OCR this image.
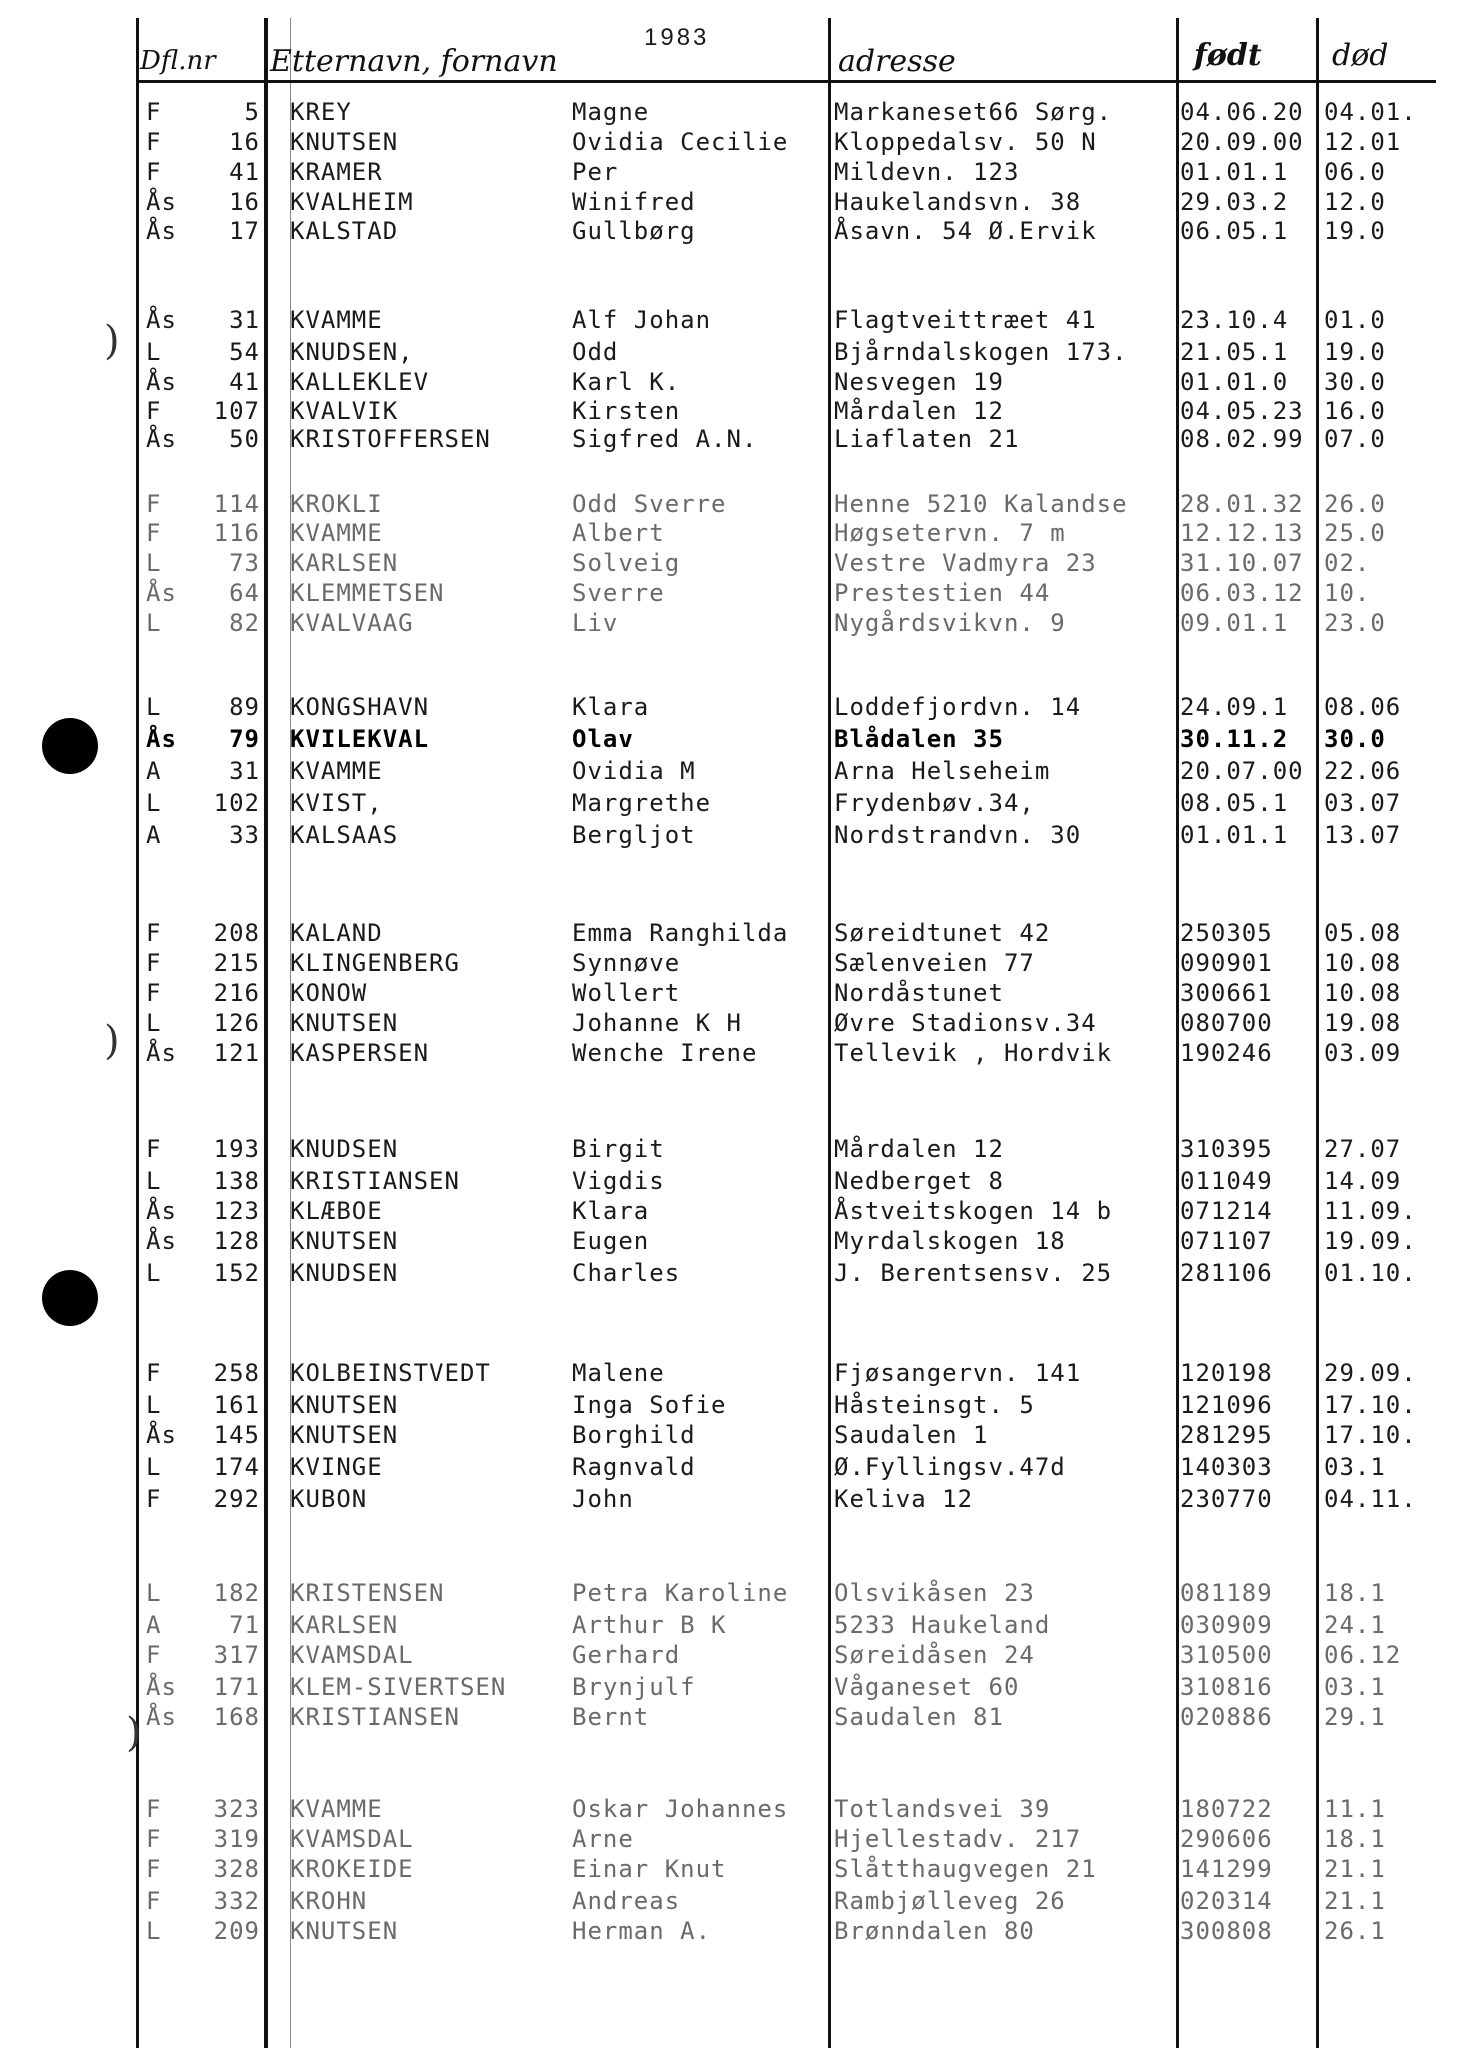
)
)
)
1983
Dfl.nr Etternavn, fornavn	adresse	født død
F	5 KREY	Magne	Markaneset66 Sørg.	04.06.20 04.01.
F	16 KNUTSEN	Ovidia Cecilie	Kloppedalsv. 50 N	20.09.00 12.01
F	41 KRAMER	Per	Mildevn. 123	01.01.1	06.0
Ås	16 KVALHEIM	Winifred	Haukelandsvn. 38	29.03.2	12.0
Ås	17 KALSTAD	Gullbørg	Åsavn. 54 Ø.Ervik	06.05.1	19.0
Ås	31 KVAMME	Alf Johan	Flagtveittræet 41	23.10.4	01.0
L	54 KNUDSEN,	Odd	Bjårndalskogen 173.	21.05.1	19.0
Ås	41 KALLEKLEV	Karl K.	Nesvegen 19	01.01.0	30.0
F	107 KVALVIK	Kirsten	Mårdalen 12	04.05.23 16.0
Ås	50 KRISTOFFERSEN	Sigfred A.N.	Liaflaten 21	08.02.99 07.0
F	114 KROKLI	Odd Sverre	Henne 5210 Kalandse	28.01.32 26.0
F	116 KVAMME	Albert	Høgsetervn. 7 m	12.12.13 25.0
L	73 KARLSEN	Solveig	Vestre Vadmyra 23	31.10.07 02.
Ås	64 KLEMMETSEN	Sverre	Prestestien 44	06.03.12 10.
L	82 KVALVAAG	Liv	Nygårdsvikvn. 9	09.01.1	23.0
L	89 KONGSHAVN	Klara	Loddefjordvn. 14	24.09.1	08.06
Ås	79 KVILEKVAL	Olav	Blådalen 35	30.11.2	30.0
A	31 KVAMME	Ovidia M	Arna Helseheim	20.07.00 22.06
L	102 KVIST,	Margrethe	Frydenbøv.34,	08.05.1	03.07
A	33 KALSAAS	Bergljot	Nordstrandvn. 30	01.01.1	13.07
F	208 KALAND	Emma Ranghilda	Søreidtunet 42	250305	05.08
F	215 KLINGENBERG	Synnøve	Sælenveien 77	090901	10.08
F	216 KONOW	Wollert	Nordåstunet	300661	10.08
L	126 KNUTSEN	Johanne K H	Øvre Stadionsv.34	080700	19.08
Ås	121 KASPERSEN	Wenche Irene	Tellevik , Hordvik	190246	03.09
F	193 KNUDSEN	Birgit	Mårdalen 12	310395	27.07
L	138 KRISTIANSEN	Vigdis	Nedberget 8	011049	14.09
Ås	123 KLÆBOE	Klara	Åstveitskogen 14 b	071214	11.09.
Ås	128 KNUTSEN	Eugen	Myrdalskogen 18	071107	19.09.
L	152 KNUDSEN	Charles	J. Berentsensv. 25	281106	01.10.
F	258 KOLBEINSTVEDT	Malene	Fjøsangervn. 141	120198	29.09.
L	161 KNUTSEN	Inga Sofie	Håsteinsgt. 5	121096	17.10.
Ås	145 KNUTSEN	Borghild	Saudalen 1	281295	17.10.
L	174 KVINGE	Ragnvald	Ø.Fyllingsv.47d	140303	03.1
F	292 KUBON	John	Keliva 12	230770	04.11.
L	182 KRISTENSEN	Petra Karoline	Olsvikåsen 23	081189	18.1
A	71 KARLSEN	Arthur B K	5233 Haukeland	030909	24.1
F	317 KVAMSDAL	Gerhard	Søreidåsen 24	310500	06.12
Ås	171 KLEM-SIVERTSEN	Brynjulf	Våganeset 60	310816	03.1
Ås	168 KRISTIANSEN	Bernt	Saudalen 81	020886	29.1
F	323 KVAMME	Oskar Johannes	Totlandsvei 39	180722	11.1
F	319 KVAMSDAL	Arne	Hjellestadv. 217	290606	18.1
F	328 KROKEIDE	Einar Knut	Slåtthaugvegen 21	141299	21.1
F	332 KROHN	Andreas	Rambjølleveg 26	020314	21.1
L	209 KNUTSEN	Herman A.	Brønndalen 80	300808	26.1
